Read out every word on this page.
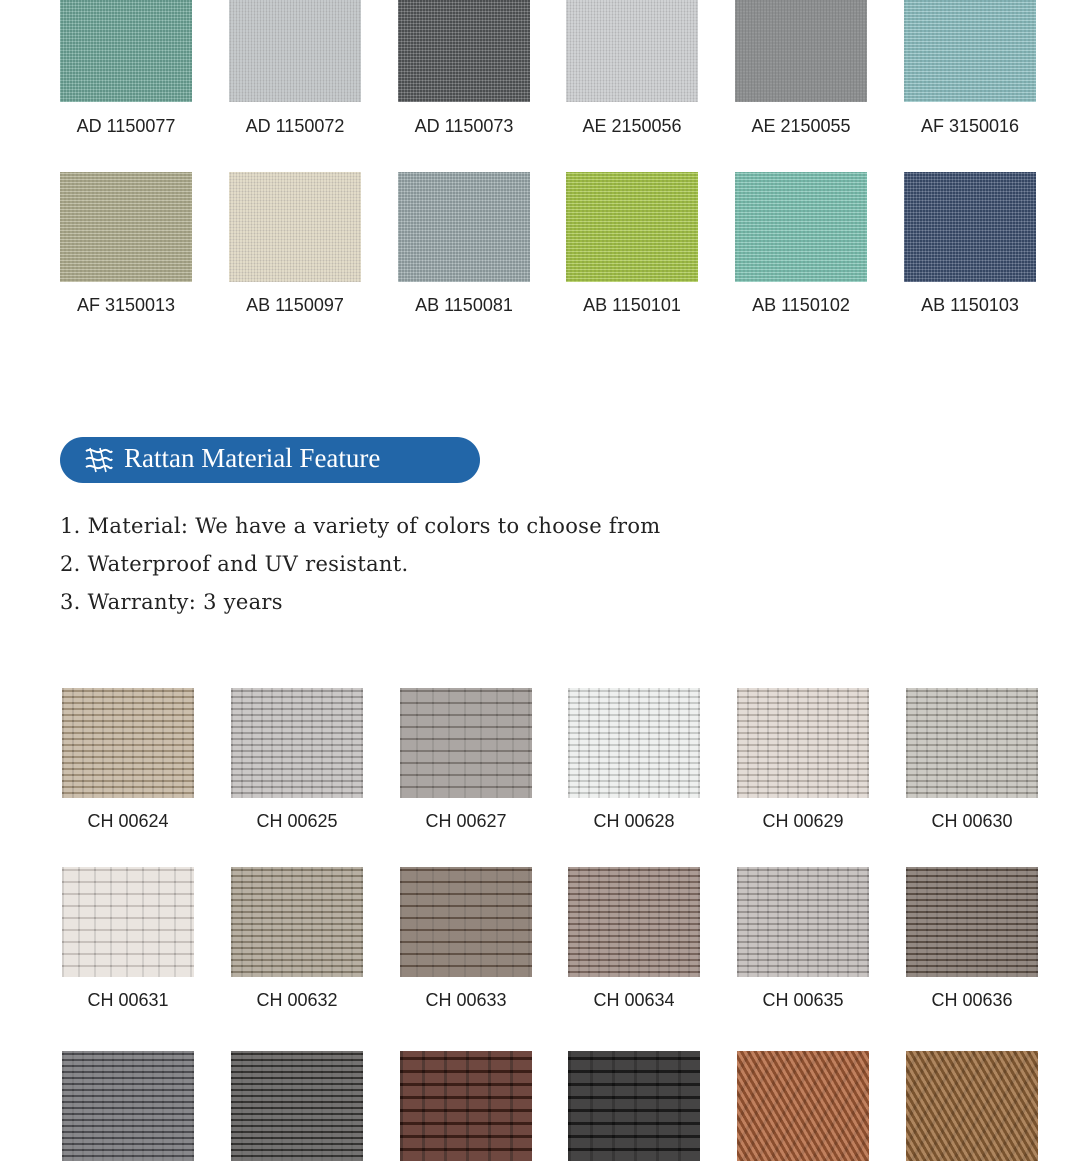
AD 1150077	AD 1150072	AD 1150073	AE 2150056	AE 2150055	AF 3150016
AF 3150013	AB 1150097	AB 1150081	AB 1150101	AB 1150102	AB 1150103
Rattan Material Feature
1. Material: We have a variety of colors to choose from
2. Waterproof and UV resistant.
3. Warranty: 3 years
CH 00624	CH 00625	CH 00627	CH 00628	CH 00629	CH 00630
CH 00631	CH 00632	CH 00633	CH 00634	CH 00635	CH 00636
